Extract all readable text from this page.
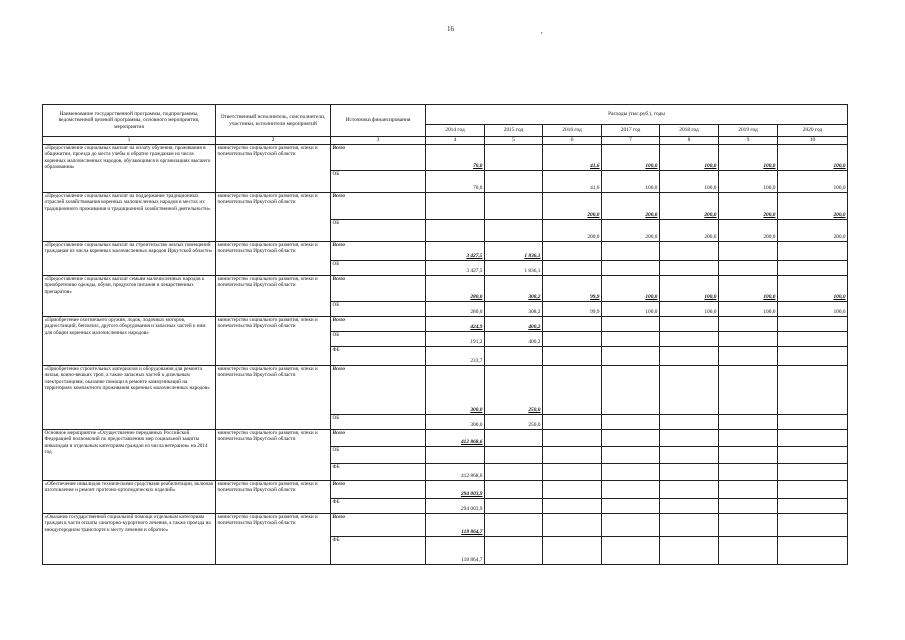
16	,
Наименование государственной программы, подпрограммы, ведомственной целевой программы, основного мероприятия, мероприятия	Ответственный исполнитель, соисполнители, участники, исполнители мероприятий	Источники финансирования	Расходы (тыс.руб.), годы						
			2014 год	2015 год	2016 год	2017 год	2018 год	2019 год	2020 год
1	2	3	4	5	6	7	8	9	10
«Предоставление социальных выплат на оплату обучения, проживания в общежитии, проезда до места учебы и обратно гражданам из числа коренных малочисленных народов, обучающимся в организациях высшего образования»	министерство социального развития, опеки и попечительства Иркутской области	Всего	70,0		41,6	100,0	100,0	100,0	100,0
		ОБ	70,0		41,6	100,0	100,0	100,0	100,0
«Предоставление социальных выплат на поддержание традиционных отраслей хозяйствования коренных малочисленных народов в местах их традиционного проживания и традиционной хозяйственной деятельности»	министерство социального развития, опеки и попечительства Иркутской области	Всего			200,0	200,0	200,0	200,0	200,0
		ОБ			200,0	200,0	200,0	200,0	200,0
«Предоставление социальных выплат на строительство жилых помещений гражданам из числа коренных малочисленных народов Иркутской области»	министерство социального развития, опеки и попечительства Иркутской области	Всего	3 427,5	1 836,1					
		ОБ	3 427,5	1 836,1					
«Предоставление социальных выплат семьям малочисленных народов к приобретению одежды, обуви, продуктов питания и лекарственных препаратов»	министерство социального развития, опеки и попечительства Иркутской области	Всего	280,0	308,2	99,9	100,0	100,0	100,0	100,0
		ОБ	280,0	308,2	99,9	100,0	100,0	100,0	100,0
«Приобретение охотничьего оружия, лодок, лодочных моторов, радиостанций, бензопил, другого оборудования и запасных частей к ним для общин коренных малочисленных народов»	министерство социального развития, опеки и попечительства Иркутской области	Всего	424,9	400,2					
		ОБ	191,2	400,2					
		ФБ	233,7						
«Приобретение строительных материалов и оборудования для ремонта жилья, коино-вешьих троп, а также запасных частей к дизельным электростанциям, оказание помощи в ремонте коммуникаций на территориях компактного проживания коренных малочисленных народов»	министерство социального развития, опеки и попечительства Иркутской области	Всего	300,0	250,0					
		ОБ	300,0	250,0					
Основное мероприятие «Осуществление переданных Российской Федерацией полномочий по предоставлению мер социальной защиты инвалидам и отдельным категориям граждан из числа ветеранов» на 2014 год	министерство социального развития, опеки и попечительства Иркутской области	Всего	412 868,6						
		ОБ							
		ФБ	412 868,6						
«Обеспечение инвалидов техническими средствами реабилитации, включая изготовление и ремонт протезно-ортопедических изделий»	министерство социального развития, опеки и попечительства Иркутской области	Всего	294 003,9						
		ФБ	294 003,9						
«Оказание государственной социальной помощи отдельным категориям граждан в части оплаты санаторно-курортного лечения, а также проезда на междугородном транспорте к месту лечения и обратно»	министерство социального развития, опеки и попечительства Иркутской области	Всего	118 864,7						
		ФБ	118 864,7						
